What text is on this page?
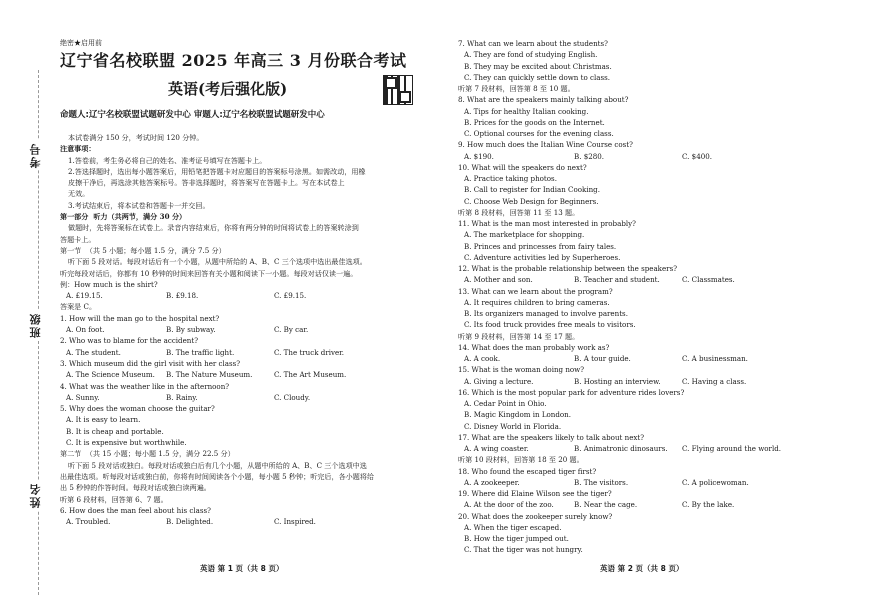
考号
班级
姓名
绝密★启用前
辽宁省名校联盟 2025 年高三 3 月份联合考试
英语(考后强化版)
命题人:辽宁名校联盟试题研发中心 审题人:辽宁名校联盟试题研发中心
本试卷满分 150 分，考试时间 120 分钟。
注意事项：
1.答卷前，考生务必将自己的姓名、准考证号填写在答题卡上。
2.答选择题时，选出每小题答案后，用铅笔把答题卡对应题目的答案标号涂黑。如需改动，用橡
皮擦干净后，再选涂其他答案标号。答非选择题时，将答案写在答题卡上。写在本试卷上
无效。
3.考试结束后，将本试卷和答题卡一并交回。
第一部分  听力（共两节，满分 30 分）
做题时，先将答案标在试卷上。录音内容结束后，你将有两分钟的时间将试卷上的答案转涂到
答题卡上。
第一节  （共 5 小题；每小题 1.5 分，满分 7.5 分）
听下面 5 段对话。每段对话后有一个小题，从题中所给的 A、B、C 三个选项中选出最佳选项。
听完每段对话后，你都有 10 秒钟的时间来回答有关小题和阅读下一小题。每段对话仅读一遍。
例：How much is the shirt?
A. £19.15.	B. £9.18.	C. £9.15.
答案是 C。
1. How will the man go to the hospital next?
A. On foot.	B. By subway.	C. By car.
2. Who was to blame for the accident?
A. The student.	B. The traffic light.	C. The truck driver.
3. Which museum did the girl visit with her class?
A. The Science Museum.	B. The Nature Museum.	C. The Art Museum.
4. What was the weather like in the afternoon?
A. Sunny.	B. Rainy.	C. Cloudy.
5. Why does the woman choose the guitar?
A. It is easy to learn.
B. It is cheap and portable.
C. It is expensive but worthwhile.
第二节  （共 15 小题；每小题 1.5 分，满分 22.5 分）
听下面 5 段对话或独白。每段对话或独白后有几个小题，从题中所给的 A、B、C 三个选项中选
出最佳选项。听每段对话或独白前，你将有时间阅读各个小题，每小题 5 秒钟；听完后，各小题将给
出 5 秒钟的作答时间。每段对话或独白读两遍。
听第 6 段材料，回答第 6、7 题。
6. How does the man feel about his class?
A. Troubled.	B. Delighted.	C. Inspired.
7. What can we learn about the students?
A. They are fond of studying English.
B. They may be excited about Christmas.
C. They can quickly settle down to class.
听第 7 段材料，回答第 8 至 10 题。
8. What are the speakers mainly talking about?
A. Tips for healthy Italian cooking.
B. Prices for the goods on the Internet.
C. Optional courses for the evening class.
9. How much does the Italian Wine Course cost?
A. $190.	B. $280.	C. $400.
10. What will the speakers do next?
A. Practice taking photos.
B. Call to register for Indian Cooking.
C. Choose Web Design for Beginners.
听第 8 段材料，回答第 11 至 13 题。
11. What is the man most interested in probably?
A. The marketplace for shopping.
B. Princes and princesses from fairy tales.
C. Adventure activities led by Superheroes.
12. What is the probable relationship between the speakers?
A. Mother and son.	B. Teacher and student.	C. Classmates.
13. What can we learn about the program?
A. It requires children to bring cameras.
B. Its organizers managed to involve parents.
C. Its food truck provides free meals to visitors.
听第 9 段材料，回答第 14 至 17 题。
14. What does the man probably work as?
A. A cook.	B. A tour guide.	C. A businessman.
15. What is the woman doing now?
A. Giving a lecture.	B. Hosting an interview.	C. Having a class.
16. Which is the most popular park for adventure rides lovers?
A. Cedar Point in Ohio.
B. Magic Kingdom in London.
C. Disney World in Florida.
17. What are the speakers likely to talk about next?
A. A wing coaster.	B. Animatronic dinosaurs.	C. Flying around the world.
听第 10 段材料，回答第 18 至 20 题。
18. Who found the escaped tiger first?
A. A zookeeper.	B. The visitors.	C. A policewoman.
19. Where did Elaine Wilson see the tiger?
A. At the door of the zoo.	B. Near the cage.	C. By the lake.
20. What does the zookeeper surely know?
A. When the tiger escaped.
B. How the tiger jumped out.
C. That the tiger was not hungry.
英语 第 1 页（共 8 页）	英语 第 2 页（共 8 页）
